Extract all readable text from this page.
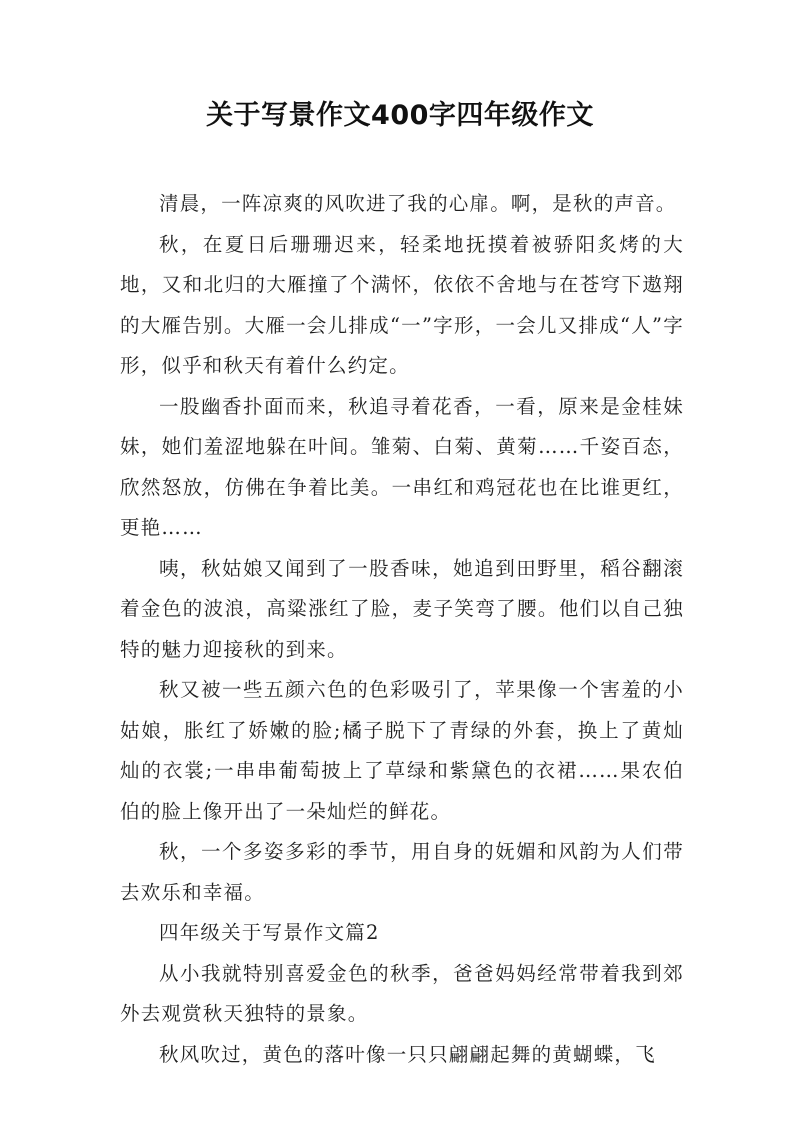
关于写景作文400字四年级作文

清晨，一阵凉爽的风吹进了我的心扉。啊，是秋的声音。

秋，在夏日后珊珊迟来，轻柔地抚摸着被骄阳炙烤的大地，又和北归的大雁撞了个满怀，依依不舍地与在苍穹下遨翔的大雁告别。大雁一会儿排成“一”字形，一会儿又排成“人”字形，似乎和秋天有着什么约定。

一股幽香扑面而来，秋追寻着花香，一看，原来是金桂妹妹，她们羞涩地躲在叶间。雏菊、白菊、黄菊……千姿百态，欣然怒放，仿佛在争着比美。一串红和鸡冠花也在比谁更红，更艳……

咦，秋姑娘又闻到了一股香味，她追到田野里，稻谷翻滚着金色的波浪，高粱涨红了脸，麦子笑弯了腰。他们以自己独特的魅力迎接秋的到来。

秋又被一些五颜六色的色彩吸引了，苹果像一个害羞的小姑娘，胀红了娇嫩的脸;橘子脱下了青绿的外套，换上了黄灿灿的衣裳;一串串葡萄披上了草绿和紫黛色的衣裙……果农伯伯的脸上像开出了一朵灿烂的鲜花。

秋，一个多姿多彩的季节，用自身的妩媚和风韵为人们带去欢乐和幸福。

四年级关于写景作文篇2

从小我就特别喜爱金色的秋季，爸爸妈妈经常带着我到郊外去观赏秋天独特的景象。

秋风吹过，黄色的落叶像一只只翩翩起舞的黄蝴蝶，飞
